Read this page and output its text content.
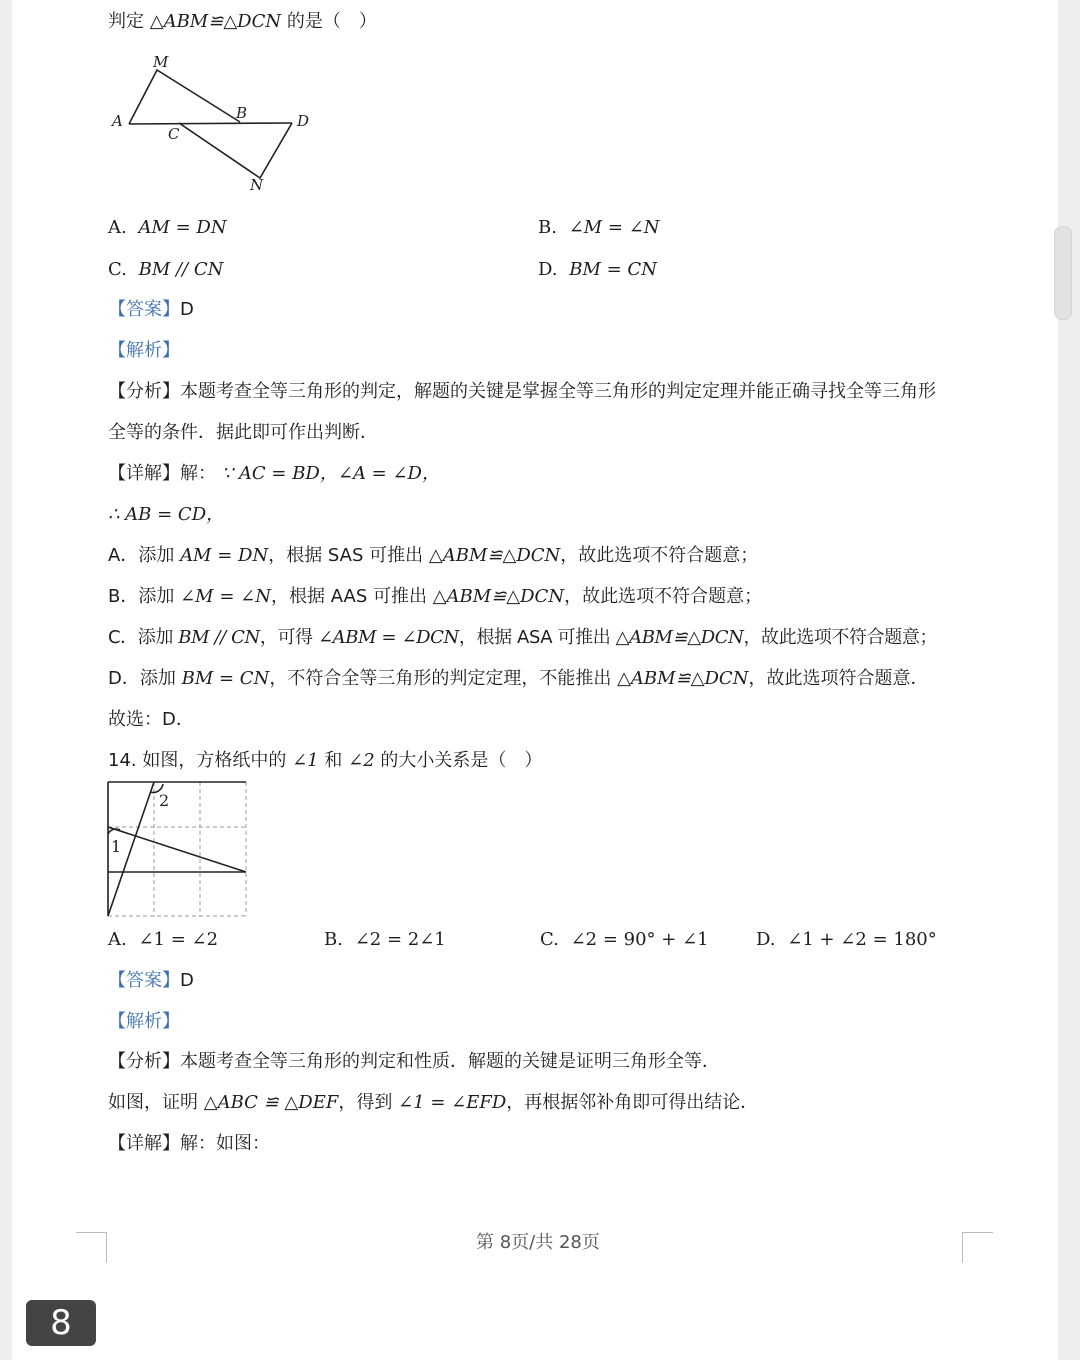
判定 △ABM≌△DCN 的是（　）
M
A	B
C
D
N
A. AM = DN	B. ∠M = ∠N
C. BM // CN	D. BM = CN
【答案】D
【解析】
【分析】本题考查全等三角形的判定，解题的关键是掌握全等三角形的判定定理并能正确寻找全等三角形
全等的条件．据此即可作出判断．
【详解】解： ∵ AC = BD，∠A = ∠D，
∴ AB = CD，
A．添加 AM = DN，根据 SAS 可推出 △ABM≌△DCN，故此选项不符合题意；
B．添加 ∠M = ∠N，根据 AAS 可推出 △ABM≌△DCN，故此选项不符合题意；
C．添加 BM // CN，可得 ∠ABM = ∠DCN，根据 ASA 可推出 △ABM≌△DCN，故此选项不符合题意；
D．添加 BM = CN，不符合全等三角形的判定定理，不能推出 △ABM≌△DCN，故此选项符合题意．
故选：D．
14. 如图，方格纸中的 ∠1 和 ∠2 的大小关系是（　）
1
2
A. ∠1 = ∠2	B. ∠2 = 2∠1	C. ∠2 = 90° + ∠1	D. ∠1 + ∠2 = 180°
【答案】D
【解析】
【分析】本题考查全等三角形的判定和性质．解题的关键是证明三角形全等．
如图，证明 △ABC ≌ △DEF，得到 ∠1 = ∠EFD，再根据邻补角即可得出结论．
【详解】解：如图：
第 8页/共 28页
8
